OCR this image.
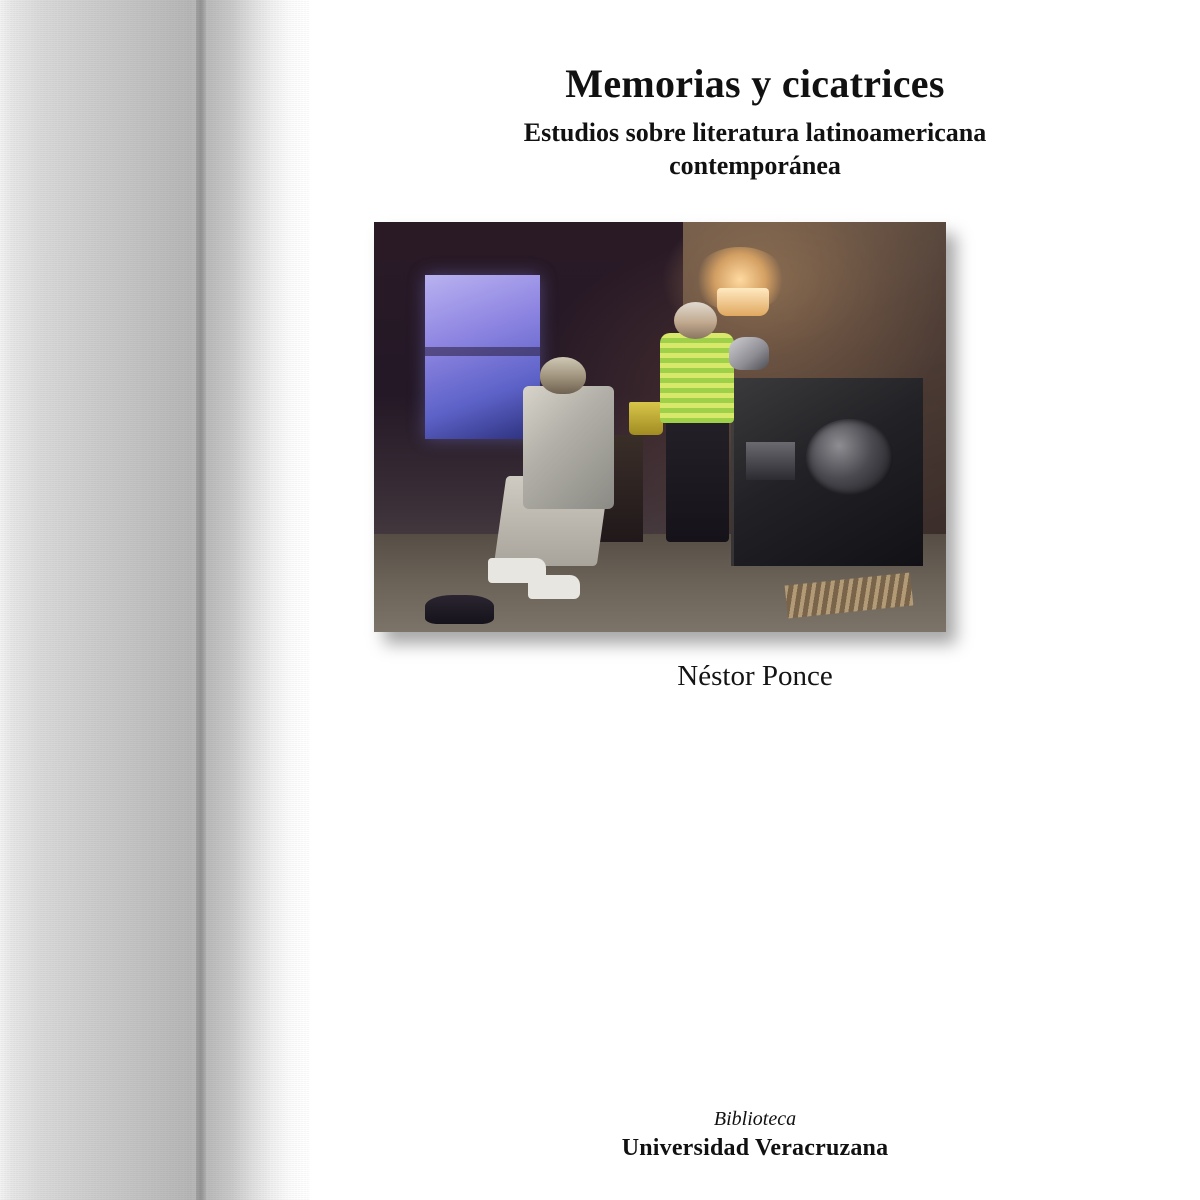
Memorias y cicatrices

Estudios sobre literatura latinoamericana
contemporánea

Néstor Ponce
Biblioteca
Universidad Veracruzana
